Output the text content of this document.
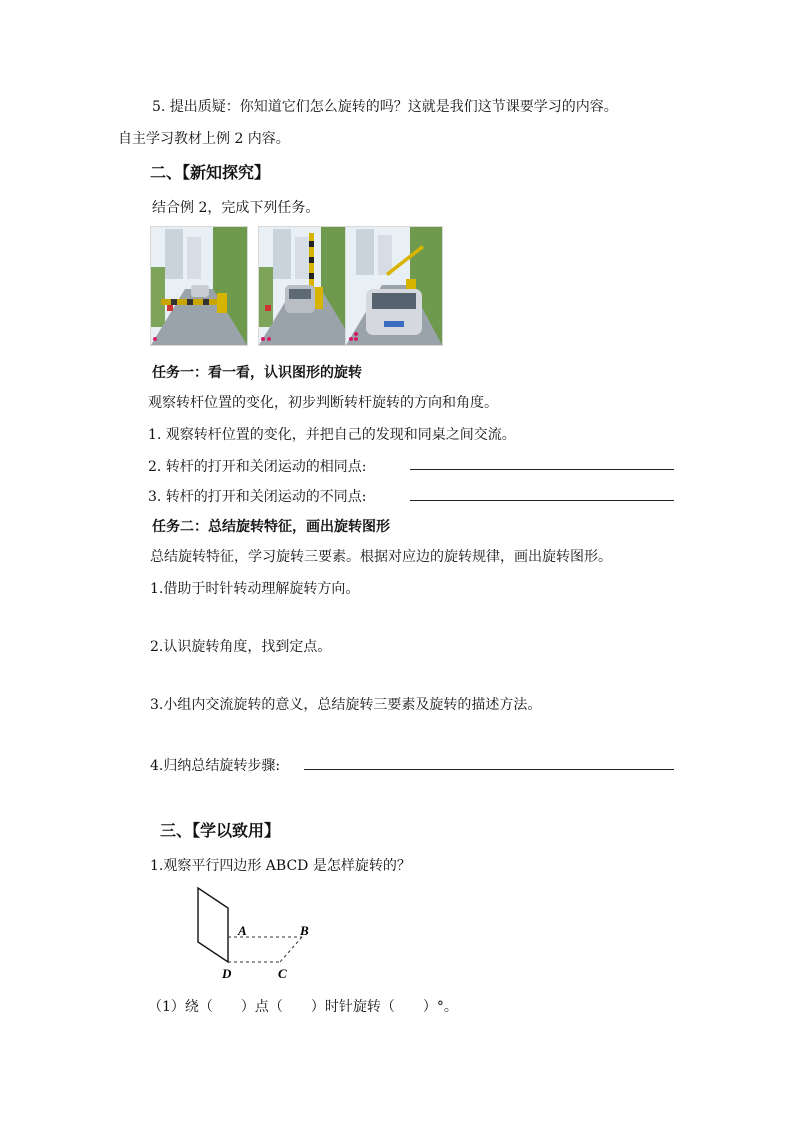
5. 提出质疑：你知道它们怎么旋转的吗？这就是我们这节课要学习的内容。
自主学习教材上例 2 内容。
二、【新知探究】
结合例 2，完成下列任务。
任务一：看一看，认识图形的旋转
观察转杆位置的变化，初步判断转杆旋转的方向和角度。
1. 观察转杆位置的变化，并把自己的发现和同桌之间交流。
2. 转杆的打开和关闭运动的相同点:
3. 转杆的打开和关闭运动的不同点:
任务二：总结旋转特征，画出旋转图形
总结旋转特征，学习旋转三要素。根据对应边的旋转规律，画出旋转图形。
1.借助于时针转动理解旋转方向。
2.认识旋转角度，找到定点。
3.小组内交流旋转的意义，总结旋转三要素及旋转的描述方法。
4.归纳总结旋转步骤:
三、【学以致用】
1.观察平行四边形 ABCD 是怎样旋转的？
A	B
C
D
（1）绕（　　）点（　　）时针旋转（　　）°。
